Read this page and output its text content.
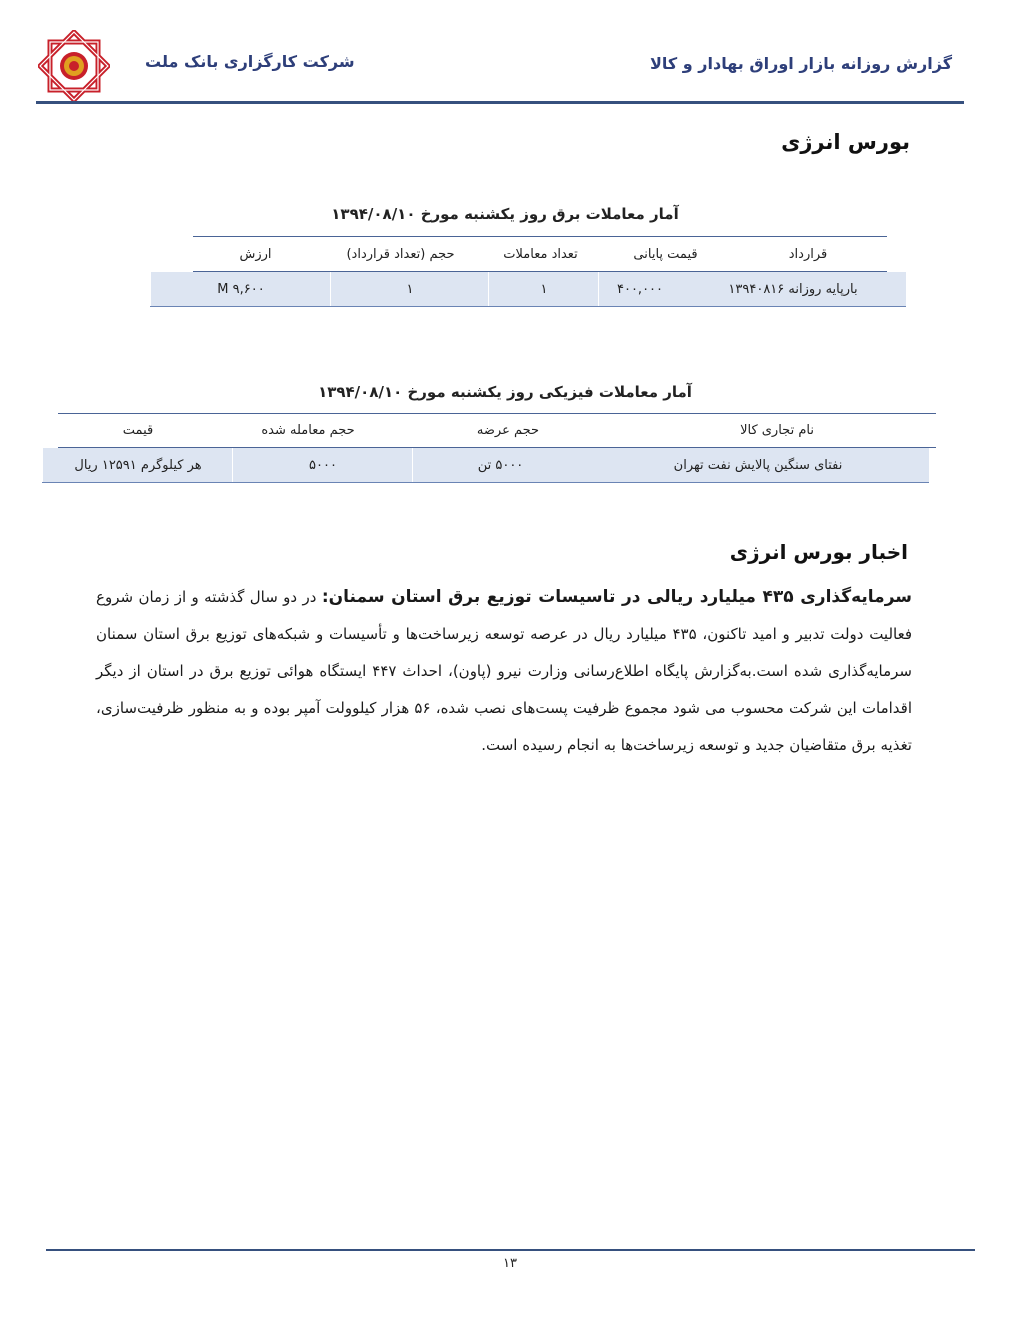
گزارش روزانه بازار اوراق بهادار و کالا
شرکت کارگزاری بانک ملت
بورس انرژی
آمار معاملات برق روز یکشنبه مورخ ۱۳۹۴/۰۸/۱۰
قرارداد
قیمت پایانی
تعداد معاملات
حجم (تعداد قرارداد)
ارزش
بارپایه روزانه ۱۳۹۴۰۸۱۶
۴۰۰,۰۰۰
۱
۱
۹,۶۰۰ M
آمار معاملات فیزیکی روز یکشنبه مورخ ۱۳۹۴/۰۸/۱۰
نام تجاری کالا
حجم عرضه
حجم معامله شده
قیمت
نفتای سنگین پالایش نفت تهران
۵۰۰۰ تن
۵۰۰۰
هر کیلوگرم ۱۲۵۹۱ ریال
اخبار بورس انرژی
سرمایه‌گذاری ۴۳۵ میلیارد ریالی در تاسیسات توزیع برق استان سمنان: در دو سال گذشته و از زمان شروع فعالیت دولت تدبیر و امید تاکنون، ۴۳۵ میلیارد ریال در عرصه توسعه زیرساخت‌ها و تأسیسات و شبکه‌های توزیع برق استان سمنان سرمایه‌گذاری شده است.به‌گزارش پایگاه اطلاع‌رسانی وزارت نیرو (پاون)، احداث ۴۴۷ ایستگاه هوائی توزیع برق در استان از دیگر اقدامات این شرکت محسوب می شود مجموع ظرفیت پست‌های نصب شده، ۵۶ هزار کیلوولت آمپر بوده و به منظور ظرفیت‌سازی، تغذیه برق متقاضیان جدید و توسعه زیرساخت‌ها به انجام رسیده است.
۱۳
